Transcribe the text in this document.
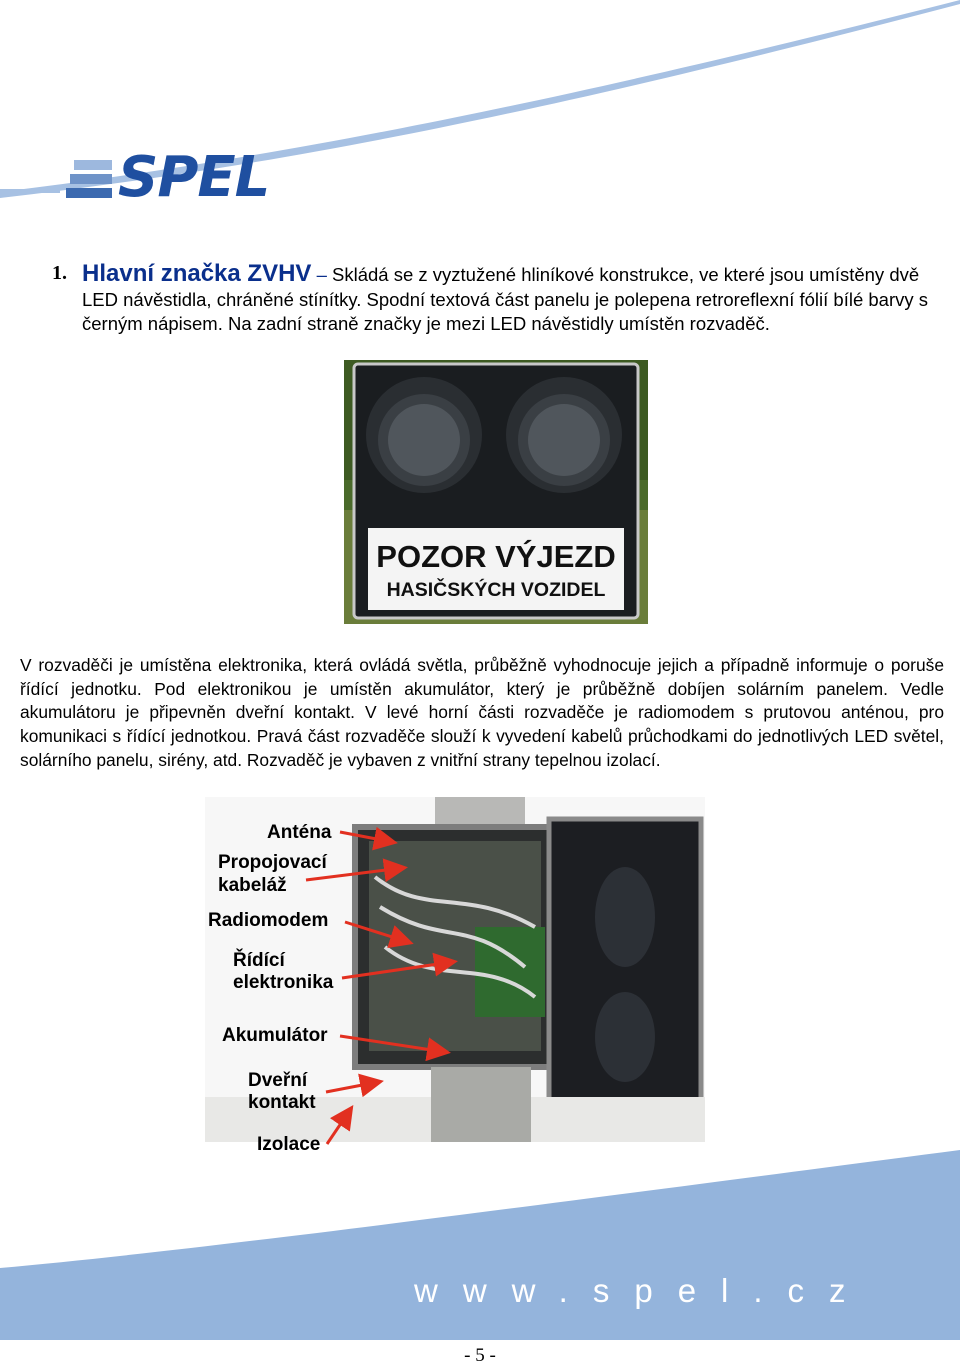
SPEL
1. Hlavní značka ZVHV – Skládá se z vyztužené hliníkové konstrukce, ve které jsou umístěny dvě LED návěstidla, chráněné stínítky. Spodní textová část panelu je polepena retroreflexní fólií bílé barvy s černým nápisem. Na zadní straně značky je mezi LED návěstidly umístěn rozvaděč.
POZOR VÝJEZD
HASIČSKÝCH VOZIDEL
V rozvaděči je umístěna elektronika, která ovládá světla, průběžně vyhodnocuje jejich a případně informuje o poruše řídící jednotku. Pod elektronikou je umístěn akumulátor, který je průběžně dobíjen solárním panelem. Vedle akumulátoru je připevněn dveřní kontakt. V levé horní části rozvaděče je radiomodem s prutovou anténou, pro komunikaci s řídící jednotkou. Pravá část rozvaděče slouží k vyvedení kabelů průchodkami do jednotlivých LED světel, solárního panelu, sirény, atd. Rozvaděč je vybaven z vnitřní strany tepelnou izolací.
Anténa
Propojovací
kabeláž
Radiomodem
Řídící
elektronika
Akumulátor
Dveřní
kontakt
Izolace
www.spel.cz
- 5 -
